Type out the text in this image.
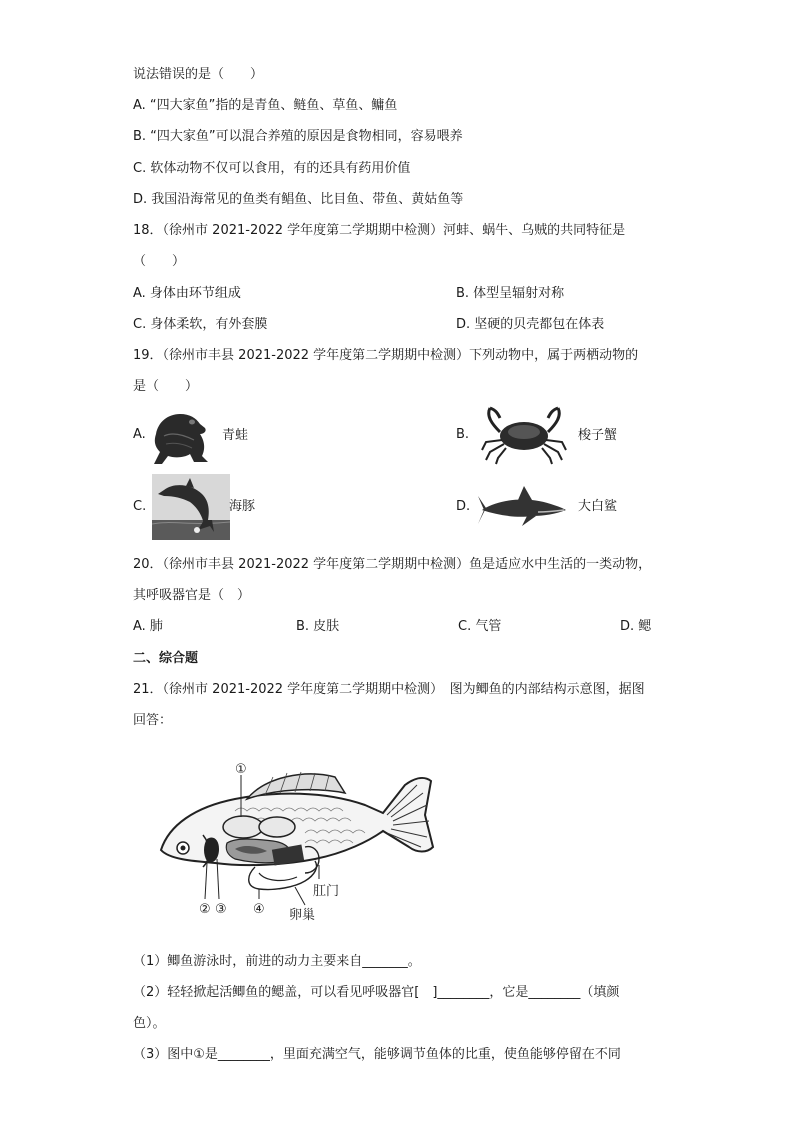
说法错误的是（　　）
A. “四大家鱼”指的是青鱼、鲢鱼、草鱼、鳙鱼
B. “四大家鱼”可以混合养殖的原因是食物相同，容易喂养
C. 软体动物不仅可以食用，有的还具有药用价值
D. 我国沿海常见的鱼类有鲳鱼、比目鱼、带鱼、黄姑鱼等
18．（徐州市 2021-2022 学年度第二学期期中检测）河蚌、蜗牛、乌贼的共同特征是
（　　）
A. 身体由环节组成	B. 体型呈辐射对称
C. 身体柔软，有外套膜	D. 坚硬的贝壳都包在体表
19．（徐州市丰县 2021-2022 学年度第二学期期中检测）下列动物中，属于两栖动物的
是（　　）
A.	青蛙	B.	梭子蟹
C.	海豚	D.	大白鲨
20．（徐州市丰县 2021-2022 学年度第二学期期中检测）鱼是适应水中生活的一类动物，
其呼吸器官是（　）
A. 肺	B. 皮肤	C. 气管	D. 鳃
二、综合题
21．（徐州市 2021-2022 学年度第二学期期中检测）　图为鲫鱼的内部结构示意图，据图
回答：
①
② ③ ④
肛门
卵巢
（1）鲫鱼游泳时，前进的动力主要来自_______。
（2）轻轻掀起活鲫鱼的鳃盖，可以看见呼吸器官[　]________，它是________（填颜
色）。
（3）图中①是________，里面充满空气，能够调节鱼体的比重，使鱼能够停留在不同
